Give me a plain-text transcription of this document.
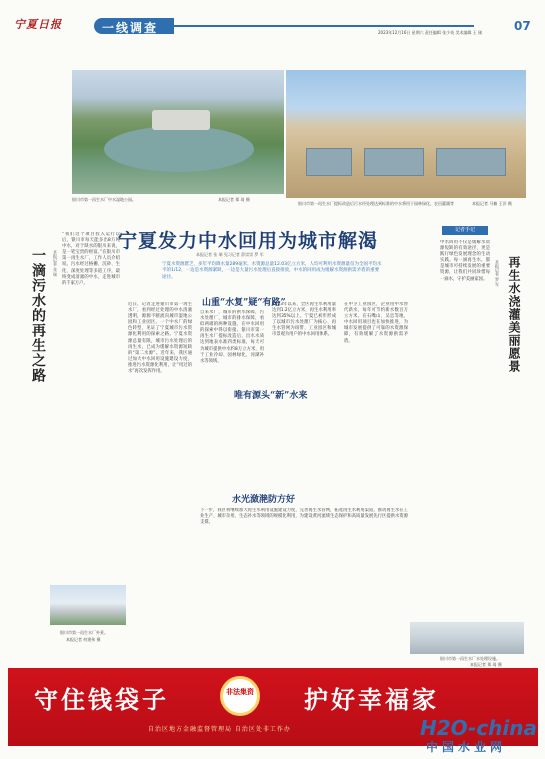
宁夏日报	一线调查	2023年12月16日 星期六 责任编辑 张少英 美术编辑 王 刚	07
银川市第一再生水厂中水湿地公园。	本报记者 郑 琦 摄
银川市第一再生水厂提标改造后污水经处理达到标准的中水将用于园林绿化、农田灌溉等	本报记者 马楠 王洋 摄
宁夏发力中水回用为城市解渴
本报记者 张 瑞 见习记者 薛崇崇 罗 军
宁夏水资源匮乏，多年平均降水量289毫米，水资源总量12.03亿立方米，人均可利用水资源量仅为全国平均水平的1/12，一边是水资源紧缺，一边是大量污水处理后直接排放，中水的回用成为缓解水资源供需矛盾的重要途径。
一滴污水的再生之路	本报记者 张 瑞
“我们这个项目投入运行以后，银川市每天能多出8万吨中水，对于缺水的银川来说，是一笔宝贵的财富。”在银川市第一再生水厂，工作人员介绍说。污水经过格栅、沉砂、生化、深度处理等多道工序，最终变成清澈的中水，走进城市的千家万户。
近日，记者走进银川市第一再生水厂，看到经过处理的中水清澈透明，源源不断流向城市湿地公园和工业园区。一个中水厂的绿色转型，见证了宁夏城市污水资源化利用的探索之路。宁夏水资源总量有限，城市污水处理后的再生水，已成为缓解水资源短缺的“第二水源”。近年来，我区通过加大中水回用设施建设力度，推进污水资源化利用，让“用过的水”再次发挥作用。
山重“水复”疑“有路”
自来水厂，城市的供水保障，污水处理厂，城市的排水保障，看似两端的两种设施，在中水回用的探索中得以衔接。银川市第一再生水厂提标改造后，出水水质达到地表水准四类标准，每天可为城市提供中水约8万立方米，用于工业冷却、园林绿化、河湖补水等领域。
2023年以来，全区再生水利用量达到1.2亿立方米，再生水利用率达到35%以上。宁夏已初步形成了以城市污水处理厂为核心、再生水管网为纽带、工业园区和城市景观为用户的中水回用体系。
在中卫工业园区，企业用中水替代新水，每年可节约新水数百万立方米。在石嘴山、吴忠等地，中水回用项目也在加快推进，为城市发展提供了可靠的水资源保障，有效缓解了水资源供需矛盾。
唯有源头“新”水来
水光潋滟防方好
下一步，我区将继续加大再生水利用设施建设力度，完善再生水管网，拓宽再生水利用渠道，推动再生水在工业生产、城市杂用、生态补水等领域的规模化利用，为建设黄河流域生态保护和高质量发展先行区提供水资源支撑。
记者手记
中水回用不仅是缓解水资源短缺的有效途径，更是践行绿色发展理念的生动实践。每一滴再生水，都是城市可持续发展的重要资源，让我们共同珍惜每一滴水，守护美丽家园。	本报记者 罗 军 再生水浇灌美丽愿景
银川市第一再生水厂外景。
本报记者 何建伟 摄
银川市第一再生水厂水处理设施。
本报记者 郑 琦 摄
守住钱袋子	非法集资 护好幸福家
自治区地方金融监督管理局 自治区处非工作办	H2O-china
中国水业网
